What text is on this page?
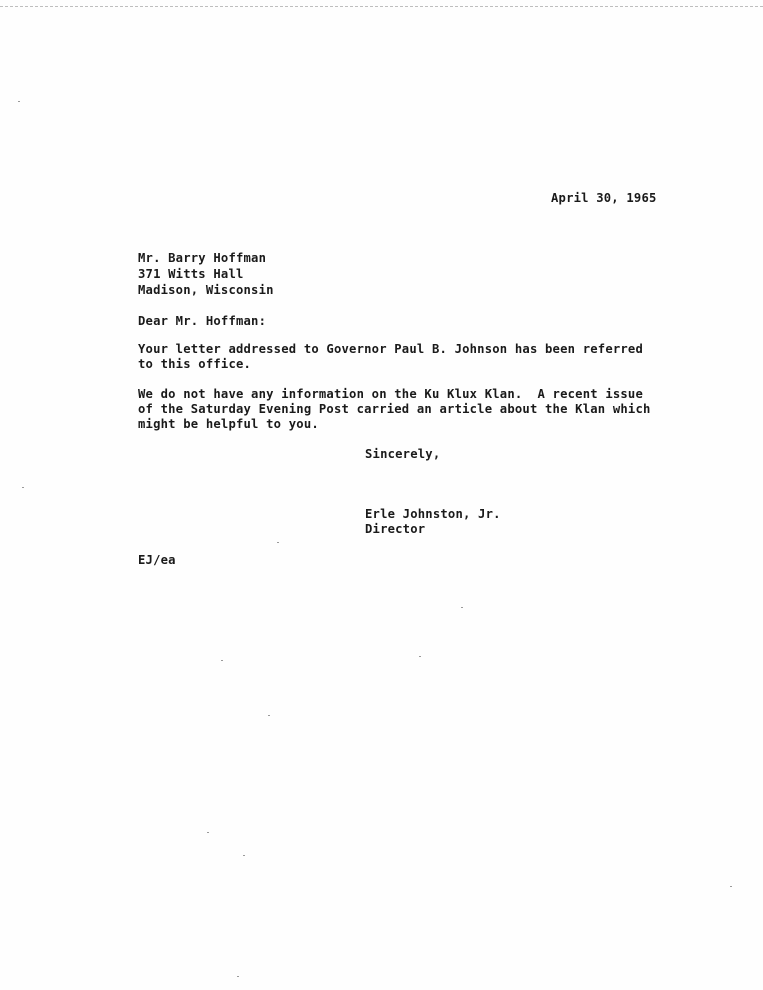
April 30, 1965
Mr. Barry Hoffman
371 Witts Hall
Madison, Wisconsin
Dear Mr. Hoffman:
Your letter addressed to Governor Paul B. Johnson has been referred
to this office.
We do not have any information on the Ku Klux Klan.  A recent issue
of the Saturday Evening Post carried an article about the Klan which
might be helpful to you.
Sincerely,
Erle Johnston, Jr.
Director
EJ/ea
